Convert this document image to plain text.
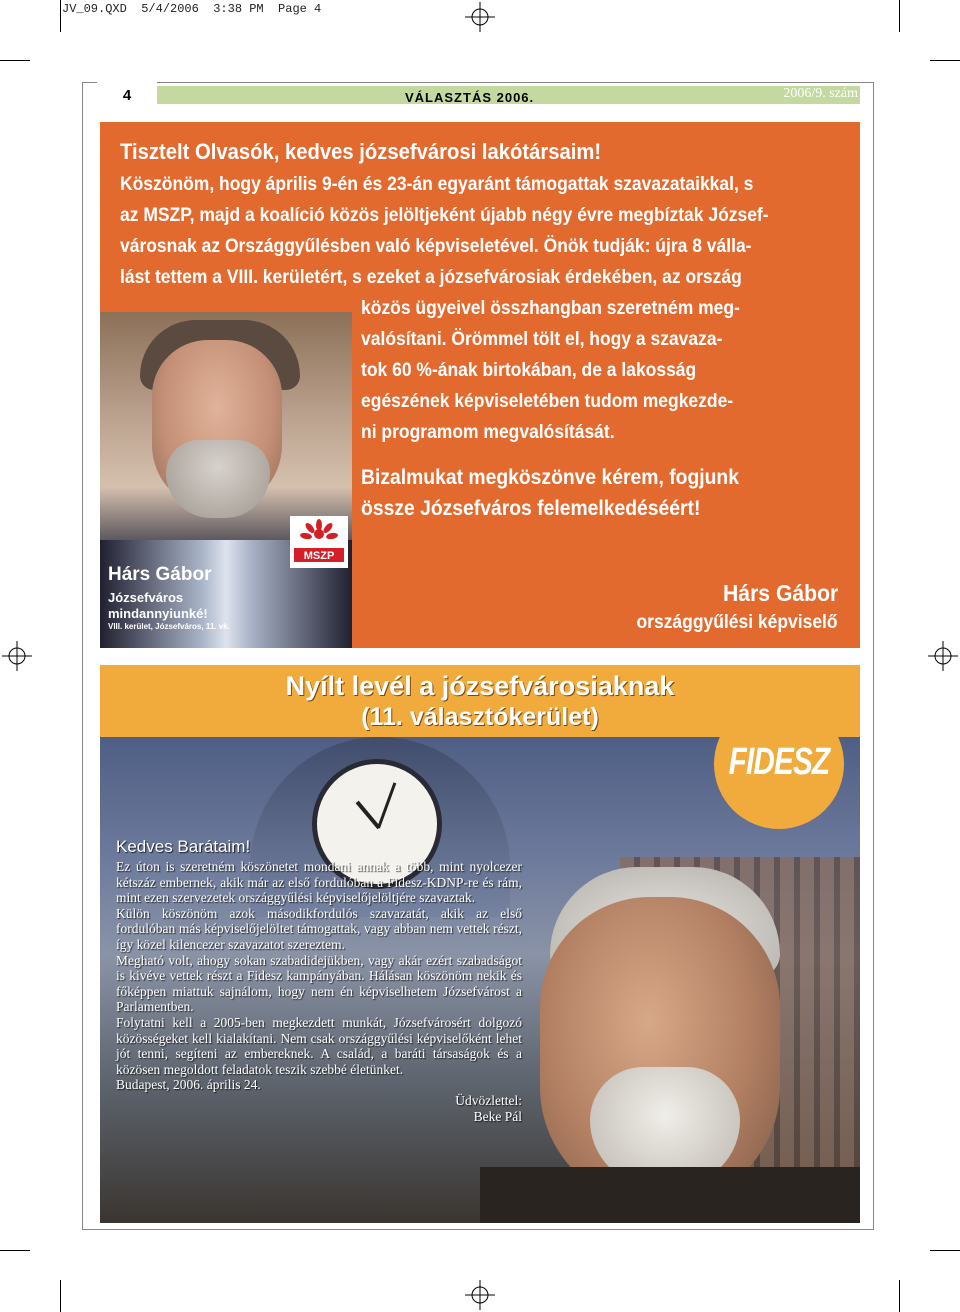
JV_09.QXD  5/4/2006  3:38 PM  Page 4
4	VÁLASZTÁS 2006.	2006/9. szám
Tisztelt Olvasók, kedves józsefvárosi lakótársaim!
Köszönöm, hogy április 9-én és 23-án egyaránt támogattak szavazataikkal, s
az MSZP, majd a koalíció közös jelöltjeként újabb négy évre megbíztak József-
városnak az Országgyűlésben való képviseletével. Önök tudják: újra 8 válla-
lást tettem a VIII. kerületért, s ezeket a józsefvárosiak érdekében, az ország
közös ügyeivel összhangban szeretném meg-
valósítani. Örömmel tölt el, hogy a szavaza-
tok 60 %-ának birtokában, de a lakosság
egészének képviseletében tudom megkezde-
ni programom megvalósítását.
Bizalmukat megköszönve kérem, fogjunk
össze Józsefváros felemelkedéséért!
MSZP
Hárs Gábor
Józsefváros mindannyiunké!
VIII. kerület, Józsefváros, 11. vk.
Hárs Gábor
országgyűlési képviselő
Nyílt levél a józsefvárosiaknak
(11. választókerület)
FIDESZ
Kedves Barátaim!

Ez úton is szeretném köszönetet mondani annak a több, mint nyolcezer kétszáz embernek, akik már az első fordulóban a Fidesz-KDNP-re és rám, mint ezen szervezetek országgyűlési képviselőjelöltjére szavaztak.

Külön köszönöm azok másodikfordulós szavazatát, akik az első fordulóban más képviselőjelöltet támogattak, vagy abban nem vettek részt, így közel kilencezer szavazatot szereztem.

Megható volt, ahogy sokan szabadidejükben, vagy akár ezért szabadságot is kivéve vettek részt a Fidesz kampányában. Hálásan köszönöm nekik és főképpen miattuk sajnálom, hogy nem én képviselhetem Józsefvárost a Parlamentben.

Folytatni kell a 2005-ben megkezdett munkát, Józsefvárosért dolgozó közösségeket kell kialakítani. Nem csak országgyűlési képviselőként lehet jót tenni, segíteni az embereknek. A család, a baráti társaságok és a közösen megoldott feladatok teszik szebbé életünket.

Budapest, 2006. április 24.

Üdvözlettel:

Beke Pál
